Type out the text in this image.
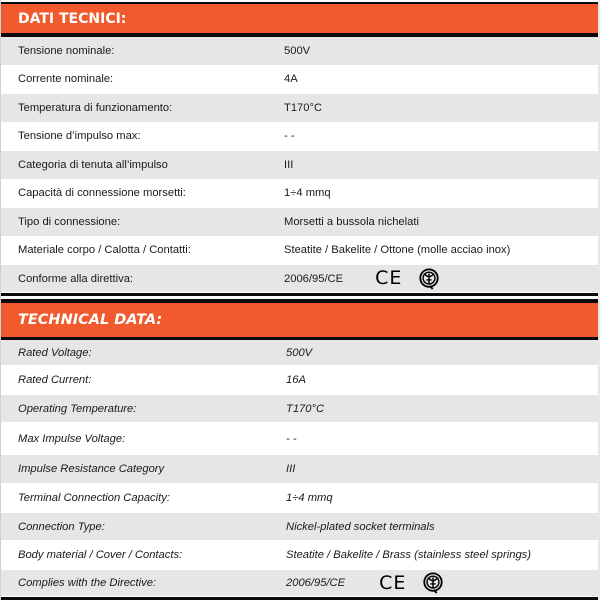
DATI TECNICI:
Tensione nominale:	500V
Corrente nominale:	4A
Temperatura di funzionamento:	T170°C
Tensione d’impulso max:	- -
Categoria di tenuta all’impulso	III
Capacità di connessione morsetti:	1÷4 mmq
Tipo di connessione:	Morsetti a bussola nichelati
Materiale corpo / Calotta / Contatti:	Steatite / Bakelite / Ottone (molle acciao inox)
Conforme alla direttiva:	2006/95/CE CE
TECHNICAL DATA:
Rated Voltage:	500V
Rated Current:	16A
Operating Temperature:	T170°C
Max Impulse Voltage:	- -
Impulse Resistance Category	III
Terminal Connection Capacity:	1÷4 mmq
Connection Type:	Nickel-plated socket terminals
Body material / Cover / Contacts:	Steatite / Bakelite / Brass (stainless steel springs)
Complies with the Directive:	2006/95/CE CE
